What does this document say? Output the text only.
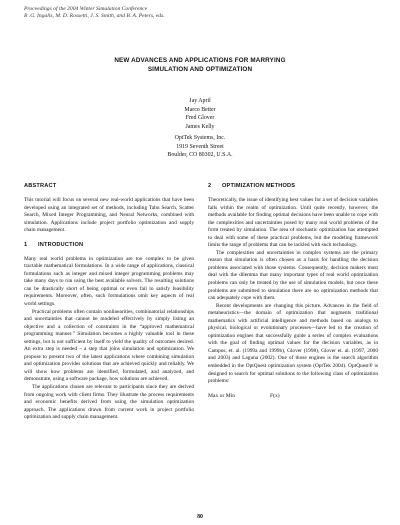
Proceedings of the 2004 Winter Simulation Conference
R .G. Ingalls, M. D. Rossetti, J. S. Smith, and B. A. Peters, eds.
NEW ADVANCES AND APPLICATIONS FOR MARRYING
SIMULATION AND OPTIMIZATION
Jay April
Marco Better
Fred Glover
James Kelly
OptTek Systems, Inc.
1919 Seventh Street
Boulder, CO 80302, U.S.A.
ABSTRACT

This tutorial will focus on several new real-world applications that have been developed using an integrated set of methods, including Tabu Search, Scatter Search, Mixed Integer Programming, and Neural Networks, combined with simulation. Applications include project portfolio optimization and supply chain management.

1 INTRODUCTION

Many real world problems in optimization are too complex to be given tractable mathematical formulations. In a wide range of applications, classical formulations such as integer and mixed integer programming problems may take many days to run using the best available solvers. The resulting solutions can be drastically short of being optimal or even fail to satisfy feasibility requirements. Moreover, often, such formulations omit key aspects of real world settings.

Practical problems often contain nonlinearities, combinatorial relationships and uncertainties that cannot be modeled effectively by simply listing an objective and a collection of constraints in the “approved mathematical programming manner.” Simulation becomes a highly valuable tool in these settings, but is not sufficient by itself to yield the quality of outcomes desired. An extra step is needed – a step that joins simulation and optimization. We propose to present two of the latest applications where combining simulation and optimization provides solutions that are achieved quickly and reliably. We will show how problems are identified, formulated, and analyzed, and demonstrate, using a software package, how solutions are achieved.

The applications chosen are relevant to participants since they are derived from ongoing work with client firms. They illustrate the process requirements and economic benefits derived from using the simulation optimization approach. The applications drawn from current work in project portfolio optimization and supply chain management.

2 OPTIMIZATION METHODS

Theoretically, the issue of identifying best values for a set of decision variables falls within the realm of optimization. Until quite recently, however, the methods available for finding optimal decisions have been unable to cope with the complexities and uncertainties posed by many real world problems of the form treated by simulation. The area of stochastic optimization has attempted to deal with some of these practical problems, but the modeling framework limits the range of problems that can be tackled with such technology.

The complexities and uncertainties in complex systems are the primary reason that simulation is often chosen as a basis for handling the decision problems associated with those systems. Consequently, decision makers must deal with the dilemma that many important types of real world optimization problems can only be treated by the use of simulation models, but once these problems are submitted to simulation there are no optimization methods that can adequately cope with them.

Recent developments are changing this picture. Advances in the field of metaheuristics—the domain of optimization that augments traditional mathematics with artificial intelligence and methods based on analogs to physical, biological or evolutionary processes—have led to the creation of optimization engines that successfully guide a series of complex evaluations with the goal of finding optimal values for the decision variables, as in Campos, et. al. (1999a and 1999b), Glover (1998), Glover et. al. (1997, 2000 and 2003) and Laguna (2002). One of those engines is the search algorithm embedded in the OptQuest optimization system (OptTek 2004). OptQuest® is designed to search for optimal solutions to the following class of optimization problems:

Max or Min	F(x)
80
